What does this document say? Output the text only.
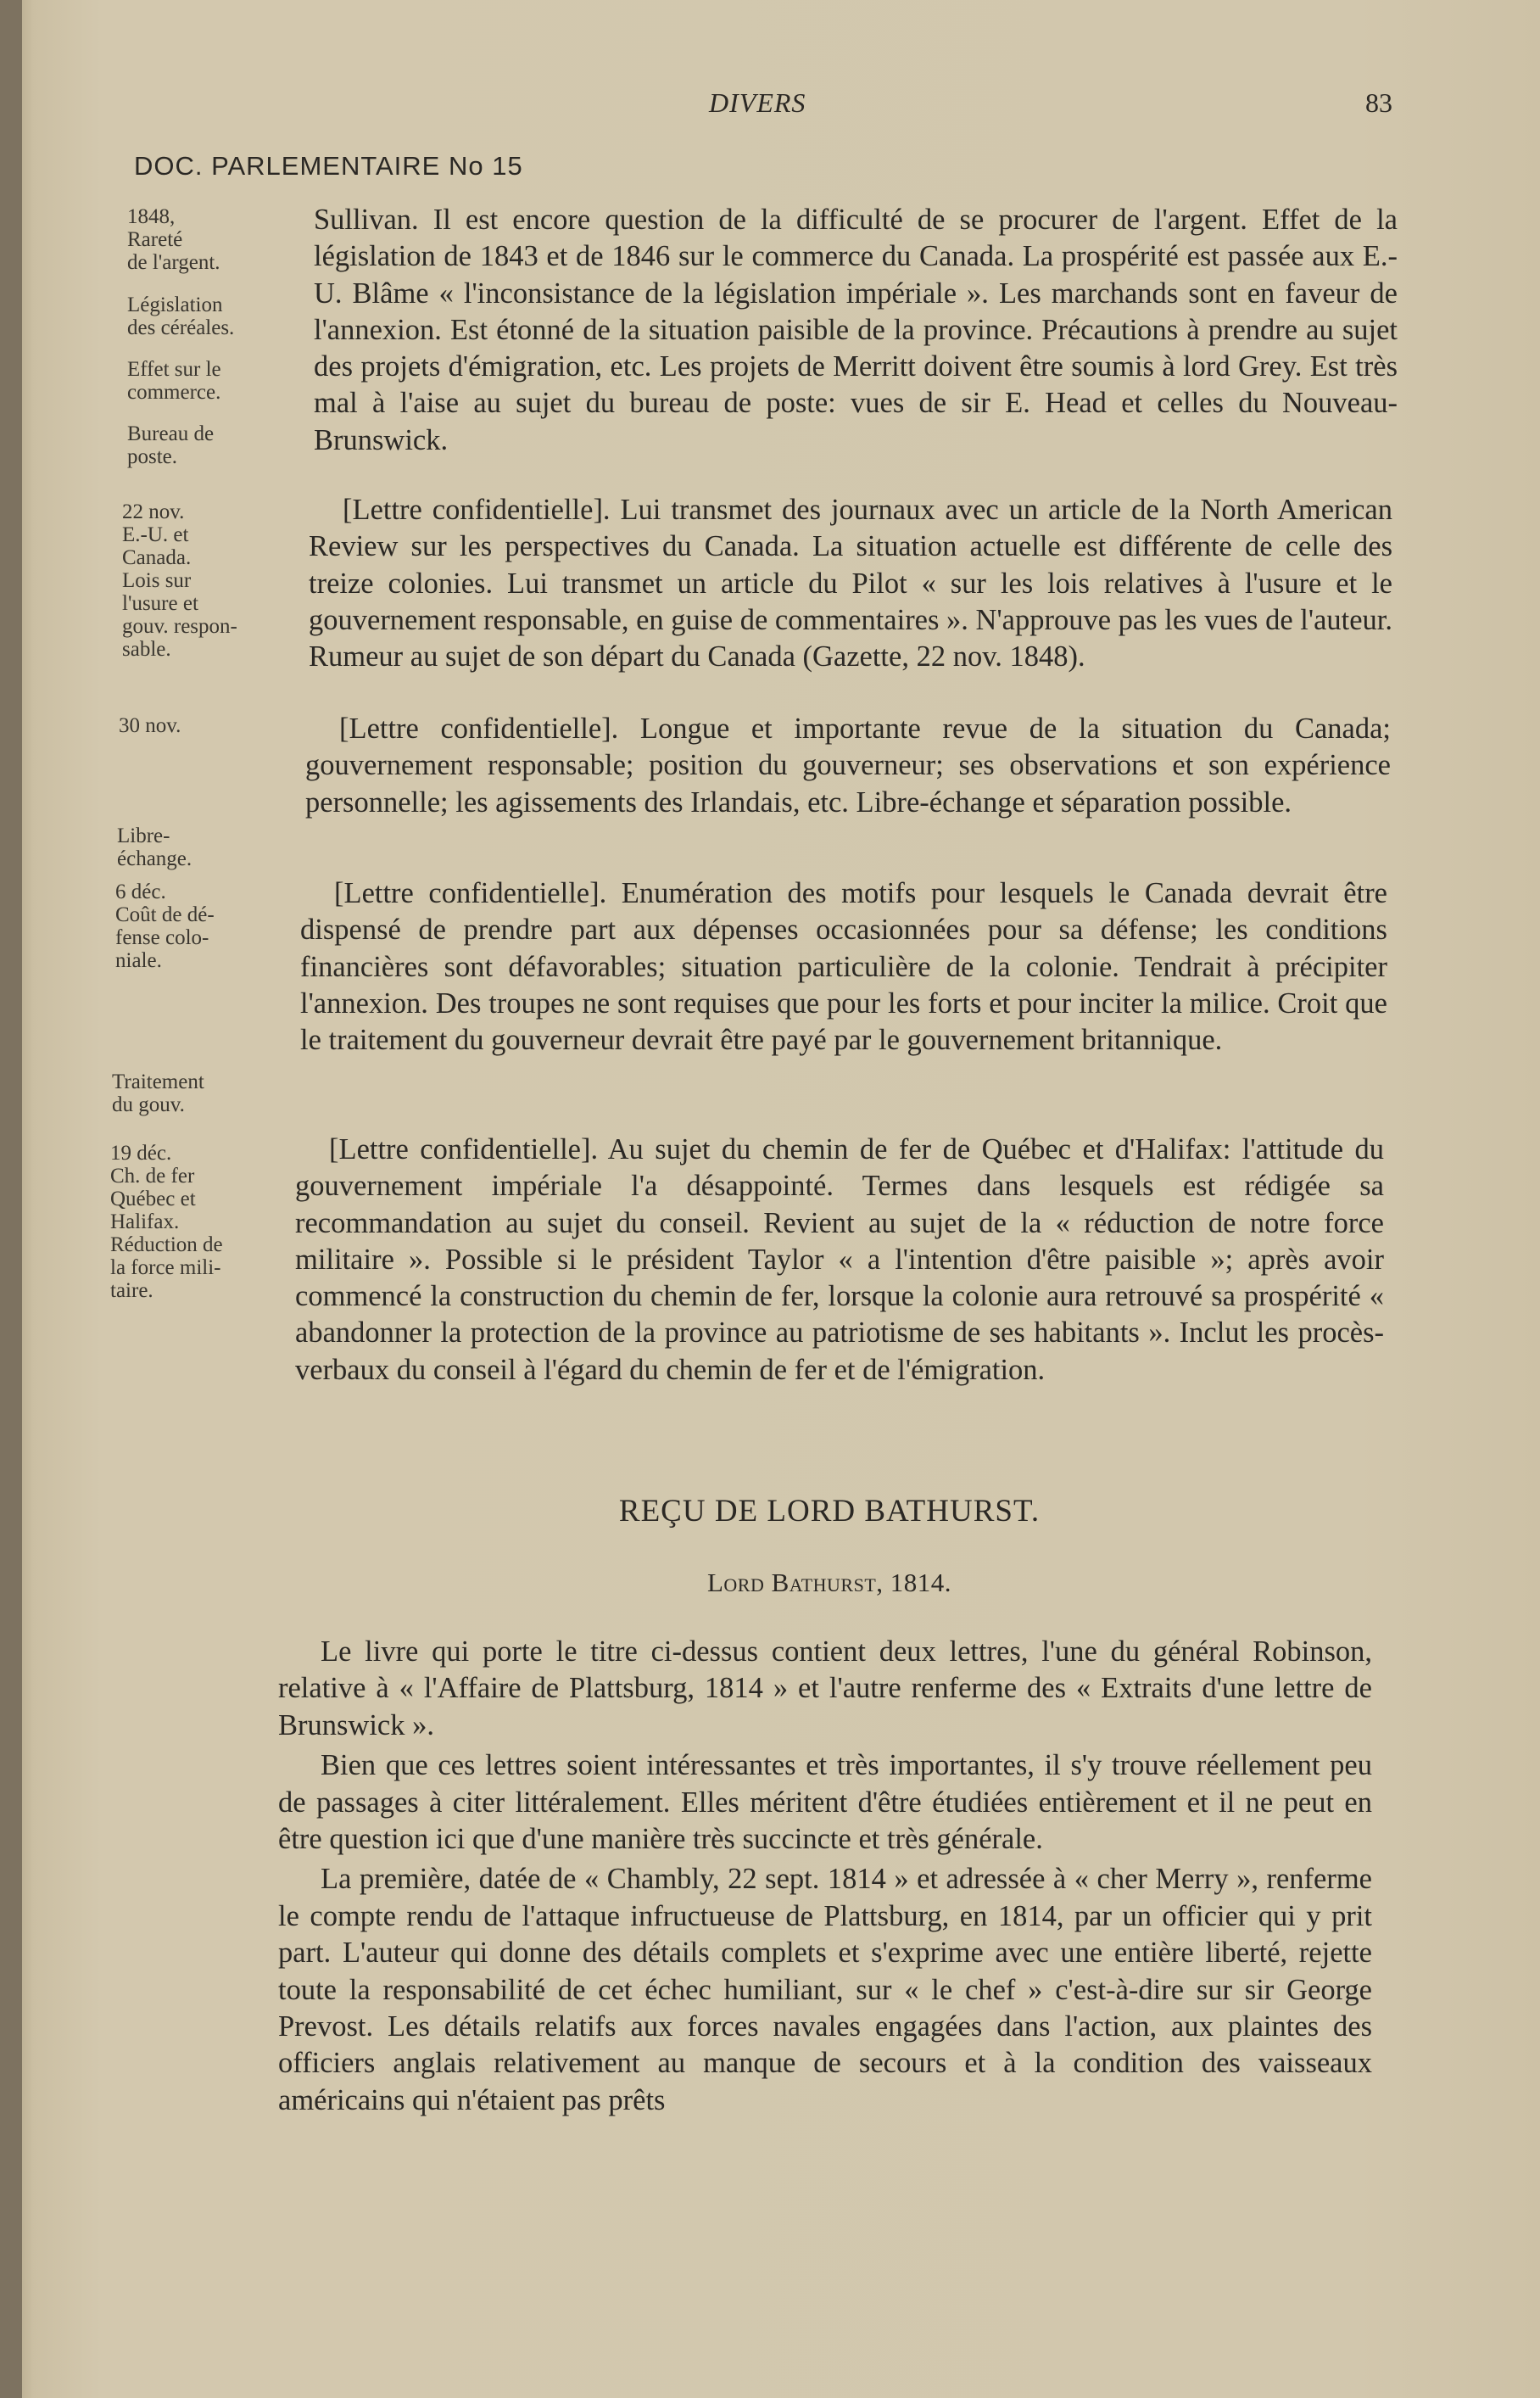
DIVERS	83
DOC. PARLEMENTAIRE No 15
1848,
Rareté
de l'argent.
Législation
des céréales.
Effet sur le
commerce.
Bureau de
poste.
22 nov.
E.-U. et
Canada.
Lois sur
l'usure et
gouv. respon-
sable.
30 nov.
Libre-
échange.
6 déc.
Coût de dé-
fense colo-
niale.
Traitement
du gouv.
19 déc.
Ch. de fer
Québec et
Halifax.
Réduction de
la force mili-
taire.

Sullivan. Il est encore question de la difficulté de se procurer de l'argent. Effet de la législation de 1843 et de 1846 sur le commerce du Canada. La prospérité est passée aux E.-U. Blâme « l'inconsistance de la législation impériale ». Les marchands sont en faveur de l'annexion. Est étonné de la situation paisible de la province. Précautions à prendre au sujet des projets d'émigration, etc. Les projets de Merritt doivent être soumis à lord Grey. Est très mal à l'aise au sujet du bureau de poste: vues de sir E. Head et celles du Nouveau-Brunswick.

[Lettre confidentielle]. Lui transmet des journaux avec un article de la North American Review sur les perspectives du Canada. La situation actuelle est différente de celle des treize colonies. Lui transmet un article du Pilot « sur les lois relatives à l'usure et le gouvernement responsable, en guise de commentaires ». N'approuve pas les vues de l'auteur. Rumeur au sujet de son départ du Canada (Gazette, 22 nov. 1848).

[Lettre confidentielle]. Longue et importante revue de la situation du Canada; gouvernement responsable; position du gouverneur; ses observations et son expérience personnelle; les agissements des Irlandais, etc. Libre-échange et séparation possible.

[Lettre confidentielle]. Enumération des motifs pour lesquels le Canada devrait être dispensé de prendre part aux dépenses occasionnées pour sa défense; les conditions financières sont défavorables; situation particulière de la colonie. Tendrait à précipiter l'annexion. Des troupes ne sont requises que pour les forts et pour inciter la milice. Croit que le traitement du gouverneur devrait être payé par le gouvernement britannique.

[Lettre confidentielle]. Au sujet du chemin de fer de Québec et d'Halifax: l'attitude du gouvernement impériale l'a désappointé. Termes dans lesquels est rédigée sa recommandation au sujet du conseil. Revient au sujet de la « réduction de notre force militaire ». Possible si le président Taylor « a l'intention d'être paisible »; après avoir commencé la construction du chemin de fer, lorsque la colonie aura retrouvé sa prospérité « abandonner la protection de la province au patriotisme de ses habitants ». Inclut les procès-verbaux du conseil à l'égard du chemin de fer et de l'émigration.

REÇU DE LORD BATHURST.
Lord Bathurst, 1814.

Le livre qui porte le titre ci-dessus contient deux lettres, l'une du général Robinson, relative à « l'Affaire de Plattsburg, 1814 » et l'autre renferme des « Extraits d'une lettre de Brunswick ».

Bien que ces lettres soient intéressantes et très importantes, il s'y trouve réellement peu de passages à citer littéralement. Elles méritent d'être étudiées entièrement et il ne peut en être question ici que d'une manière très succincte et très générale.

La première, datée de « Chambly, 22 sept. 1814 » et adressée à « cher Merry », renferme le compte rendu de l'attaque infructueuse de Plattsburg, en 1814, par un officier qui y prit part. L'auteur qui donne des détails complets et s'exprime avec une entière liberté, rejette toute la responsabilité de cet échec humiliant, sur « le chef » c'est-à-dire sur sir George Prevost. Les détails relatifs aux forces navales engagées dans l'action, aux plaintes des officiers anglais relativement au manque de secours et à la condition des vaisseaux américains qui n'étaient pas prêts
